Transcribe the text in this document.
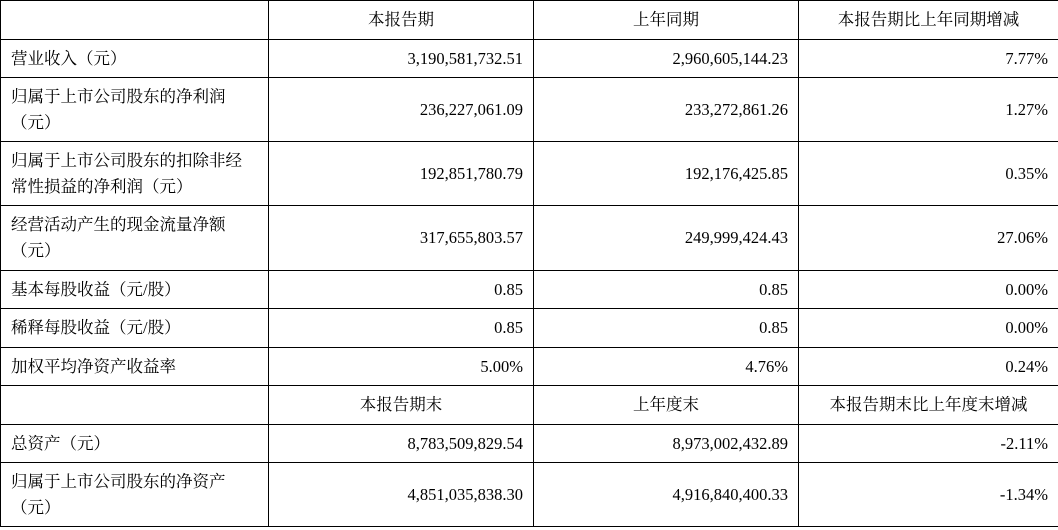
	本报告期	上年同期	本报告期比上年同期增减
营业收入（元）	3,190,581,732.51	2,960,605,144.23	7.77%
归属于上市公司股东的净利润（元）	236,227,061.09	233,272,861.26	1.27%
归属于上市公司股东的扣除非经常性损益的净利润（元）	192,851,780.79	192,176,425.85	0.35%
经营活动产生的现金流量净额（元）	317,655,803.57	249,999,424.43	27.06%
基本每股收益（元/股）	0.85	0.85	0.00%
稀释每股收益（元/股）	0.85	0.85	0.00%
加权平均净资产收益率	5.00%	4.76%	0.24%
	本报告期末	上年度末	本报告期末比上年度末增减
总资产（元）	8,783,509,829.54	8,973,002,432.89	-2.11%
归属于上市公司股东的净资产（元）	4,851,035,838.30	4,916,840,400.33	-1.34%
